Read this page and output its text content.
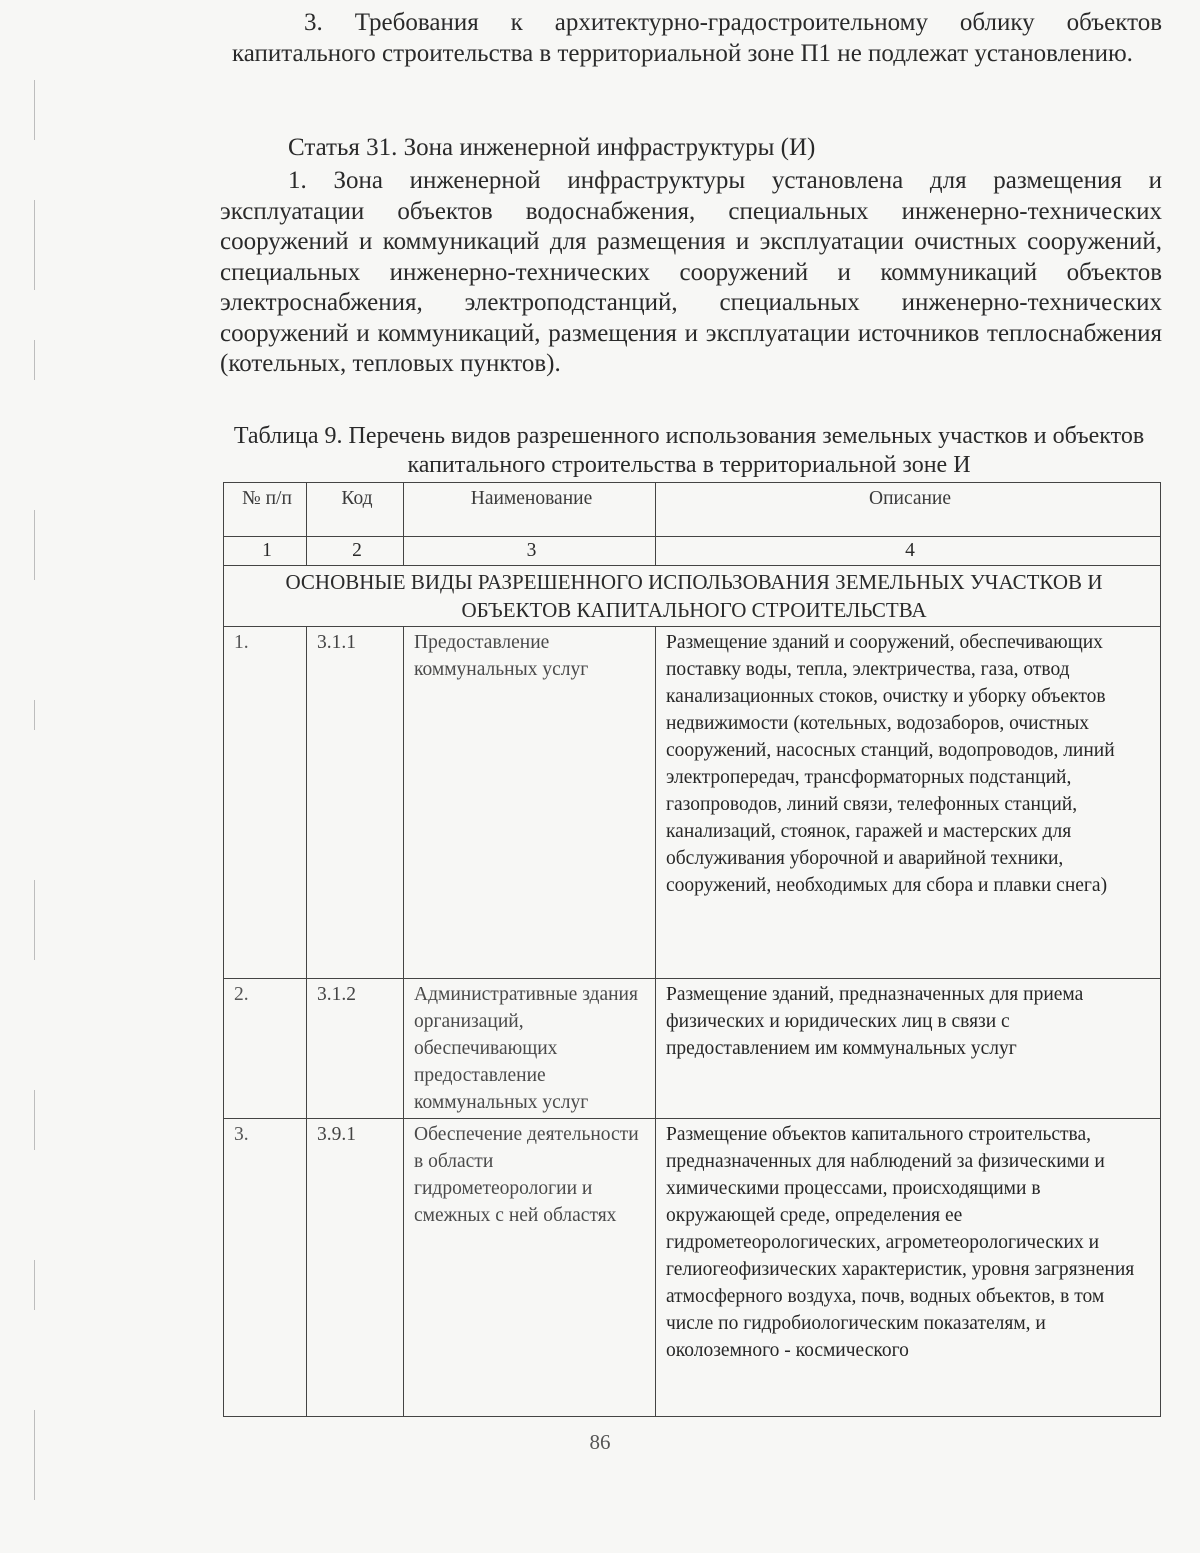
3. Требования к архитектурно-градостроительному облику объектов капитального строительства в территориальной зоне П1 не подлежат установлению.

Статья 31. Зона инженерной инфраструктуры (И)

1. Зона инженерной инфраструктуры установлена для размещения и эксплуатации объектов водоснабжения, специальных инженерно-технических сооружений и коммуникаций для размещения и эксплуатации очистных сооружений, специальных инженерно-технических сооружений и коммуникаций объектов электроснабжения, электроподстанций, специальных инженерно-технических сооружений и коммуникаций, размещения и эксплуатации источников теплоснабжения (котельных, тепловых пунктов).

Таблица 9. Перечень видов разрешенного использования земельных участков и объектов капитального строительства в территориальной зоне И

№ п/п	Код	Наименование	Описание
1	2	3	4
ОСНОВНЫЕ ВИДЫ РАЗРЕШЕННОГО ИСПОЛЬЗОВАНИЯ ЗЕМЕЛЬНЫХ УЧАСТКОВ И ОБЪЕКТОВ КАПИТАЛЬНОГО СТРОИТЕЛЬСТВА			
1.	3.1.1	Предоставление коммунальных услуг	Размещение зданий и сооружений, обеспечивающих поставку воды, тепла, электричества, газа, отвод канализационных стоков, очистку и уборку объектов недвижимости (котельных, водозаборов, очистных сооружений, насосных станций, водопроводов, линий электропередач, трансформаторных подстанций, газопроводов, линий связи, телефонных станций, канализаций, стоянок, гаражей и мастерских для обслуживания уборочной и аварийной техники, сооружений, необходимых для сбора и плавки снега)
2.	3.1.2	Административные здания организаций, обеспечивающих предоставление коммунальных услуг	Размещение зданий, предназначенных для приема физических и юридических лиц в связи с предоставлением им коммунальных услуг
3.	3.9.1	Обеспечение деятельности в области гидрометеорологии и смежных с ней областях	Размещение объектов капитального строительства, предназначенных для наблюдений за физическими и химическими процессами, происходящими в окружающей среде, определения ее гидрометеорологических, агрометеорологических и гелиогеофизических характеристик, уровня загрязнения атмосферного воздуха, почв, водных объектов, в том числе по гидробиологическим показателям, и околоземного - космического
86
